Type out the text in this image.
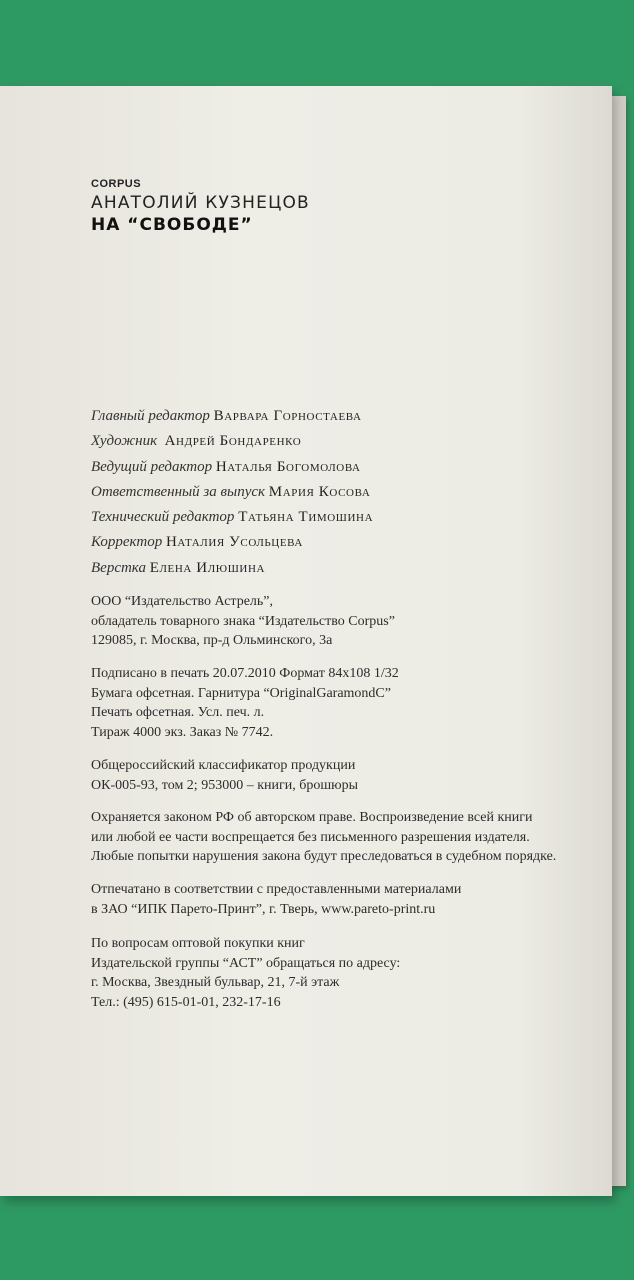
CORPUS
АНАТОЛИЙ КУЗНЕЦОВ
НА “СВОБОДЕ”
Главный редактор Варвара Горностаева
Художник Андрей Бондаренко
Ведущий редактор Наталья Богомолова
Ответственный за выпуск Мария Косова
Технический редактор Татьяна Тимошина
Корректор Наталия Усольцева
Верстка Елена Илюшина
ООО “Издательство Астрель”,
обладатель товарного знака “Издательство Corpus”
129085, г. Москва, пр-д Ольминского, 3а
Подписано в печать 20.07.2010 Формат 84x108 1/32
Бумага офсетная. Гарнитура “OriginalGaramondC”
Печать офсетная. Усл. печ. л.
Тираж 4000 экз. Заказ № 7742.
Общероссийский классификатор продукции
ОК-005-93, том 2; 953000 – книги, брошюры
Охраняется законом РФ об авторском праве. Воспроизведение всей книги
или любой ее части воспрещается без письменного разрешения издателя.
Любые попытки нарушения закона будут преследоваться в судебном порядке.
Отпечатано в соответствии с предоставленными материалами
в ЗАО “ИПК Парето-Принт”, г. Тверь, www.pareto-print.ru
По вопросам оптовой покупки книг
Издательской группы “АСТ” обращаться по адресу:
г. Москва, Звездный бульвар, 21, 7-й этаж
Тел.: (495) 615-01-01, 232-17-16
